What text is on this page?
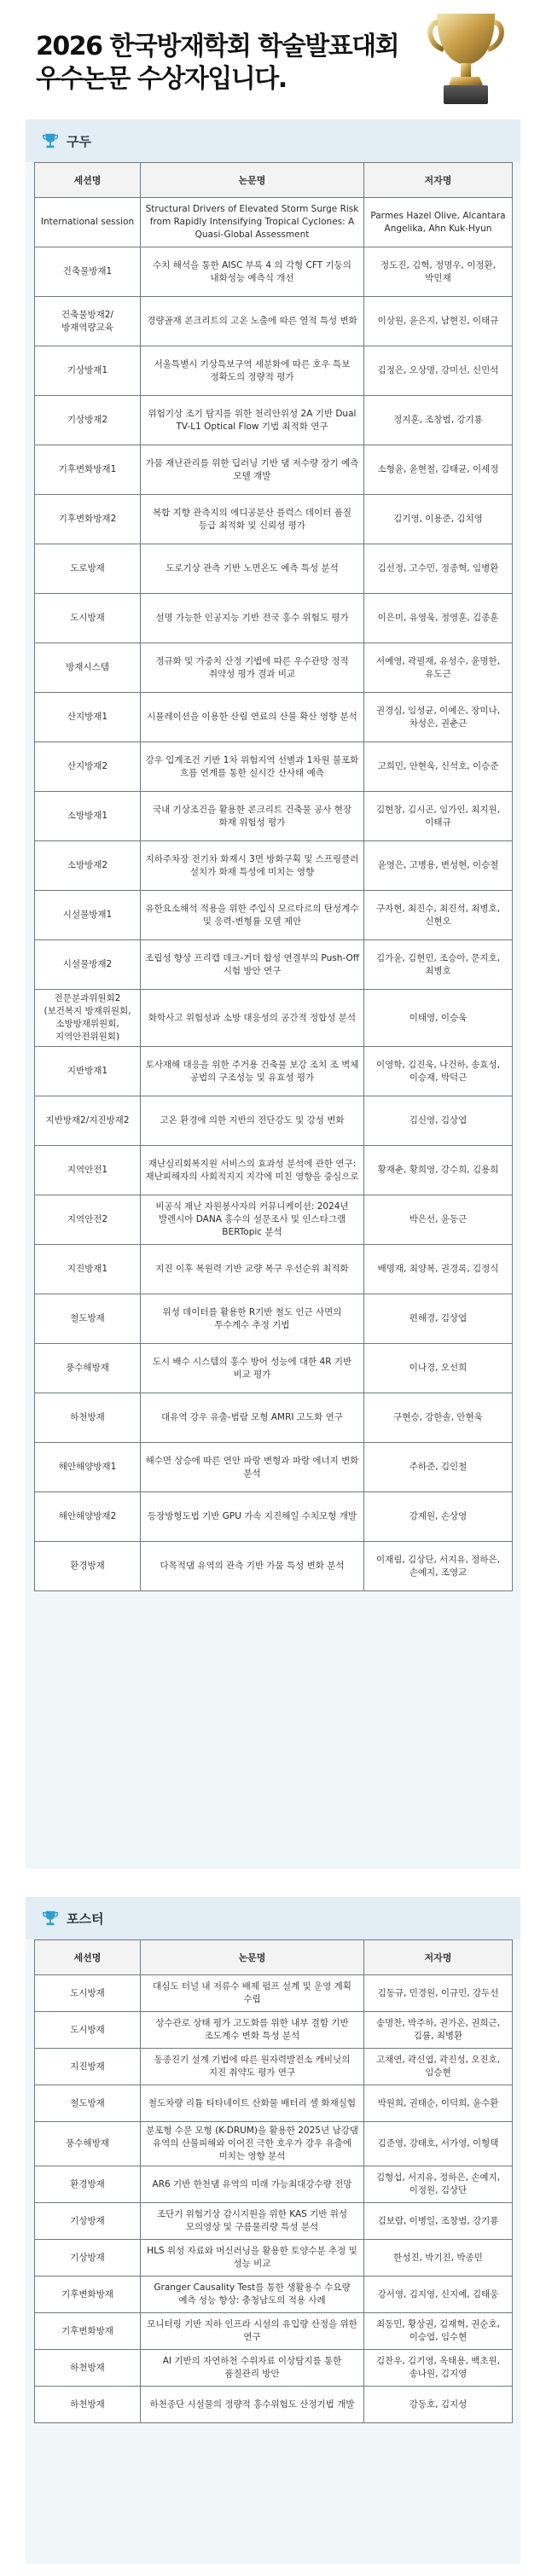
2026 한국방재학회 학술발표대회
우수논문 수상자입니다.
구두
세션명	논문명	저자명
International session	Structural Drivers of Elevated Storm Surge Risk from Rapidly Intensifying Tropical Cyclones: A Quasi-Global Assessment	Parmes Hazel Olive, Alcantara Angelika, Ahn Kuk-Hyun
건축물방재1	수치 해석을 통한 AISC 부록 4 의 각형 CFT 기둥의 내화성능 예측식 개선	정도진, 김혁, 정명우, 이정환, 박민재
건축물방재2/방재역량교육	경량골재 콘크리트의 고온 노출에 따른 열적 특성 변화	이상원, 윤은지, 남현진, 이태규
기상방재1	서울특별시 기상특보구역 세분화에 따른 호우 특보 정확도의 정량적 평가	김정은, 오상명, 강미선, 신민석
기상방재2	위험기상 조기 탐지를 위한 천리안위성 2A 기반 Dual TV-L1 Optical Flow 기법 최적화 연구	정지훈, 조창범, 강기룡
기후변화방재1	가뭄 재난관리를 위한 딥러닝 기반 댐 저수량 장기 예측 모델 개발	소형윤, 윤현철, 김태균, 이세정
기후변화방재2	복합 지향 관측지의 에디공분산 플럭스 데이터 품질 등급 최적화 및 신뢰성 평가	김기영, 이용준, 김치영
도로방재	도로기상 관측 기반 노면온도 예측 특성 분석	김선정, 고수민, 정종혁, 임병환
도시방재	설명 가능한 인공지능 기반 전국 홍수 위험도 평가	이은미, 유영욱, 정영훈, 김종훈
방재시스템	정규화 및 가중치 산정 기법에 따른 우수관망 정적 취약성 평가 결과 비교	서예영, 곽필재, 유성수, 윤명한, 유도근
산지방재1	시뮬레이션을 이용한 산림 연료의 산불 확산 영향 분석	권경심, 임성균, 이예은, 장미나, 차성은, 권춘근
산지방재2	강우 입계조건 기반 1차 위험지역 선별과 1차원 불포화 흐름 연계를 통한 실시간 산사태 예측	고희민, 안현욱, 신석호, 이승준
소방방재1	국내 기상조건을 활용한 콘크리트 건축물 공사 현장 화재 위험성 평가	김현창, 김시곤, 임가인, 최지원, 이태규
소방방재2	지하주차장 전기차 화재시 3면 방화구획 및 스프링클러 설치가 화재 특성에 미치는 영향	윤영은, 고병용, 변성현, 이승철
시설물방재1	유한요소해석 적용을 위한 주입식 모르타르의 탄성계수 및 응력-변형률 모델 제안	구자현, 최진수, 최진석, 최병호, 신현오
시설물방재2	조립성 향상 프리캡 데크-거더 합성 연결부의 Push-Off 시험 방안 연구	김가윤, 김현민, 조승아, 문지호, 최병호
전문분과위원회2 (보건복지 방재위원회, 소방방재위원회, 지역안전위원회)	화학사고 위험성과 소방 대응성의 공간적 정합성 분석	이태영, 이승욱
지반방재1	토사재해 대응을 위한 주거용 건축물 보강 조치 조 벽체 공법의 구조성능 및 유효성 평가	이영학, 김진욱, 나건하, 송효성, 이승재, 박덕근
지반방재2/지진방재2	고온 환경에 의한 지반의 전단강도 및 강성 변화	김신영, 김상엽
지역안전1	재난심리회복지원 서비스의 효과성 분석에 관한 연구: 재난피해자의 사회적지지 지각에 미친 영향을 중심으로	황재춘, 황희영, 강수희, 김용희
지역안전2	비공식 재난 자원봉사자의 커뮤니케이션: 2024년 발렌시아 DANA 홍수의 설문조사 및 인스타그램 BERTopic 분석	박은선, 윤동근
지진방재1	지진 이후 복원력 기반 교량 복구 우선순위 최적화	배명재, 최양복, 권경록, 김정식
철도방재	위성 데이터를 활용한 R기반 철도 인근 사면의 투수계수 추정 기법	편해경, 김상엽
풍수해방재	도시 배수 시스템의 홍수 방어 성능에 대한 4R 기반 비교 평가	이나경, 오선희
하천방재	대유역 강우 유출-범람 모형 AMRI 고도화 연구	구현승, 강한솔, 안현욱
해안해양방재1	해수면 상승에 따른 연안 파랑 변형과 파랑 에너지 변화 분석	주하준, 김인철
해안해양방재2	등장방형도법 기반 GPU 가속 지진해일 수치모형 개발	강제원, 손상영
환경방재	다목적댐 유역의 관측 기반 가뭄 특성 변화 분석	이재림, 김상단, 서지유, 정하은, 손예지, 조영교
포스터
세션명	논문명	저자명
도시방재	대심도 터널 내 저류수 배제 펌프 설계 및 운영 계획 수립	김동규, 민경원, 이규민, 강두선
도시방재	상수관로 상태 평가 고도화를 위한 내부 결함 기반 조도계수 변화 특성 분석	송명찬, 박주하, 권가온, 권희근, 김률, 최병환
지진방재	동종진기 설계 기법에 따른 원자력발전소 캐비닛의 지진 취약도 평가 연구	고채연, 곽신엽, 곽진성, 오진호, 임승현
철도방재	철도차량 리튬 티타네이트 산화물 배터리 셀 화재실험	박원희, 권태순, 이덕희, 윤수환
풍수해방재	분포형 수문 모형 (K-DRUM)을 활용한 2025년 남강댐 유역의 산불피해와 이어진 극한 호우가 강우 유출에 미치는 영향 분석	김준영, 강태호, 서가영, 이형택
환경방재	AR6 기반 한천댐 유역의 미래 가능최대강수량 전망	김형섭, 서지유, 정하은, 손예지, 이정원, 김상단
기상방재	조단기 위험기상 감시지원을 위한 KAS 기반 위성 모의영상 및 구름물리량 특성 분석	김보람, 이병일, 조창범, 강기룡
기상방재	HLS 위성 자료와 머신러닝을 활용한 토양수분 추정 및 성능 비교	한성진, 박기진, 박종민
기후변화방재	Granger Causality Test를 통한 생활용수 수요량 예측 성능 향상: 충청남도의 적용 사례	강서영, 김지영, 신지예, 김태웅
기후변화방재	모니터링 기반 지하 인프라 시설의 유입량 산정을 위한 연구	최동민, 황상권, 김재혁, 권순호, 이승엽, 임수현
하천방재	AI 기반의 자연하천 수위자료 이상탐지를 통한 품질관리 방안	김찬우, 김기영, 옥태용, 백초원, 송나원, 김지영
하천방재	하천종단 시설물의 정량적 홍수위험도 산정기법 개발	강동호, 김지성
